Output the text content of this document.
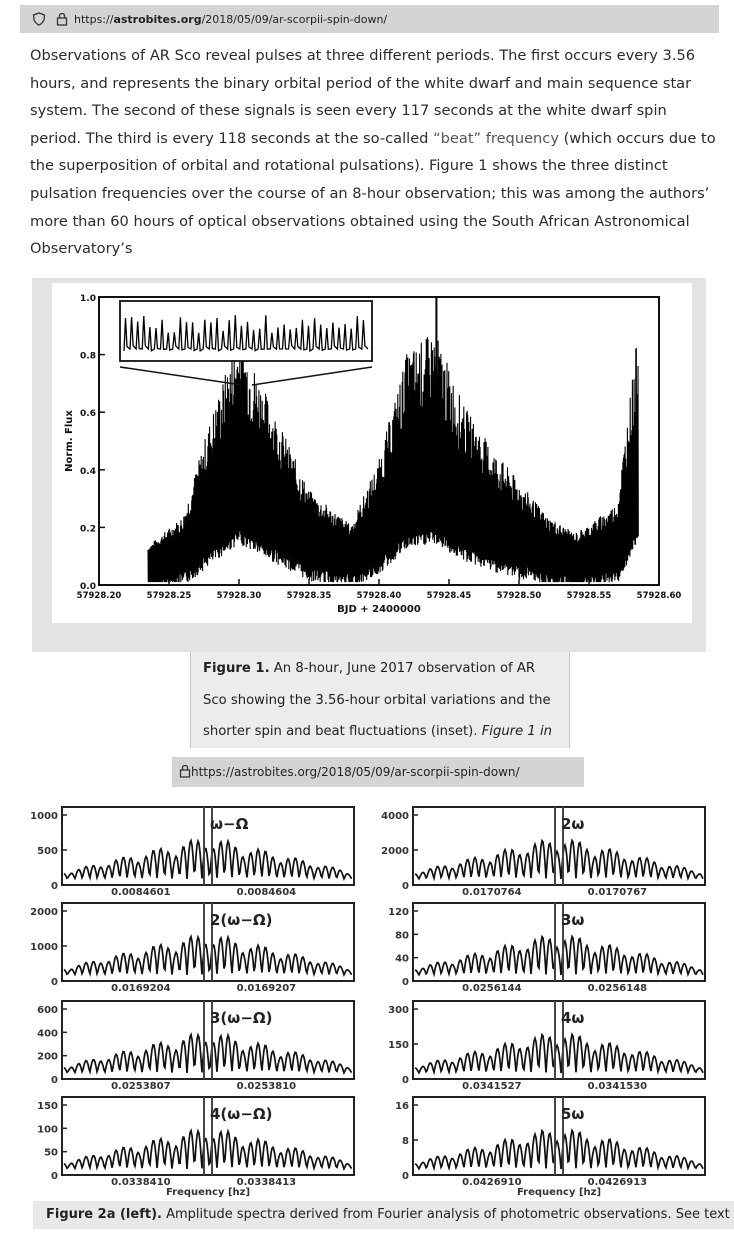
https://astrobites.org/2018/05/09/ar-scorpii-spin-down/
Observations of AR Sco reveal pulses at three different periods. The first occurs every 3.56 hours, and represents the binary orbital period of the white dwarf and main sequence star system. The second of these signals is seen every 117 seconds at the white dwarf spin period. The third is every 118 seconds at the so-called “beat” frequency (which occurs due to the superposition of orbital and rotational pulsations). Figure 1 shows the three distinct pulsation frequencies over the course of an 8-hour observation; this was among the authors’ more than 60 hours of optical observations obtained using the South African Astronomical Observatory’s
0.0
0.2
0.4
0.6
0.8
1.0
57928.20	57928.25	57928.30	57928.35	57928.40	57928.45	57928.50	57928.55	57928.60
BJD + 2400000
Norm. Flux

Figure 1. An 8-hour, June 2017 observation of AR Sco showing the 3.56-hour orbital variations and the shorter spin and beat fluctuations (inset). Figure 1 in

https://astrobites.org/2018/05/09/ar-scorpii-spin-down/
0
500
1000
0.0084601	0.0084604
ω−Ω
0
1000
2000
0.0169204	0.0169207
2(ω−Ω)
0
200
400
600
0.0253807	0.0253810
3(ω−Ω)
0
50
100
150
0.0338410	0.0338413
4(ω−Ω)
0
2000
4000
0.0170764	0.0170767
2ω
0
40
80
120
0.0256144	0.0256148
3ω
0
150
300
0.0341527	0.0341530
4ω
0
8
16
0.0426910	0.0426913
5ω
Frequency [hz]	Frequency [hz]
Figure 2a (left). Amplitude spectra derived from Fourier analysis of photometric observations. See text
